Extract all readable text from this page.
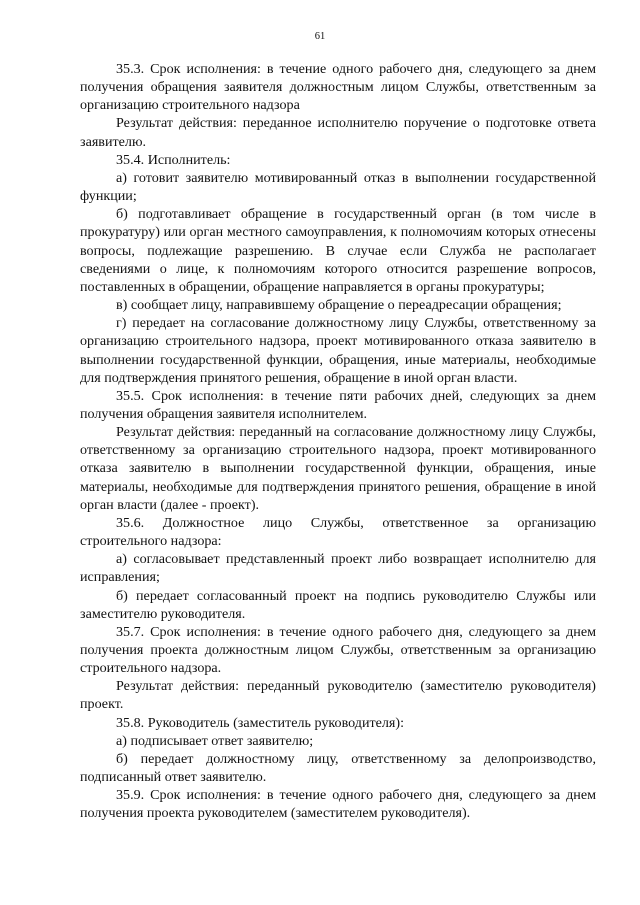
61

35.3. Срок исполнения: в течение одного рабочего дня, следующего за днем получения обращения заявителя должностным лицом Службы, ответственным за организацию строительного надзора

Результат действия: переданное исполнителю поручение о подготовке ответа заявителю.

35.4. Исполнитель:

а) готовит заявителю мотивированный отказ в выполнении государственной функции;

б) подготавливает обращение в государственный орган (в том числе в прокуратуру) или орган местного самоуправления, к полномочиям которых отнесены вопросы, подлежащие разрешению. В случае если Служба не располагает сведениями о лице, к полномочиям которого относится разрешение вопросов, поставленных в обращении, обращение направляется в органы прокуратуры;

в) сообщает лицу, направившему обращение о переадресации обращения;

г) передает на согласование должностному лицу Службы, ответственному за организацию строительного надзора, проект мотивированного отказа заявителю в выполнении государственной функции, обращения, иные материалы, необходимые для подтверждения принятого решения, обращение в иной орган власти.

35.5. Срок исполнения: в течение пяти рабочих дней, следующих за днем получения обращения заявителя исполнителем.

Результат действия: переданный на согласование должностному лицу Службы, ответственному за организацию строительного надзора, проект мотивированного отказа заявителю в выполнении государственной функции, обращения, иные материалы, необходимые для подтверждения принятого решения, обращение в иной орган власти (далее - проект).

35.6. Должностное лицо Службы, ответственное за организацию строительного надзора:

а) согласовывает представленный проект либо возвращает исполнителю для исправления;

б) передает согласованный проект на подпись руководителю Службы или заместителю руководителя.

35.7. Срок исполнения: в течение одного рабочего дня, следующего за днем получения проекта должностным лицом Службы, ответственным за организацию строительного надзора.

Результат действия: переданный руководителю (заместителю руководителя) проект.

35.8. Руководитель (заместитель руководителя):

а) подписывает ответ заявителю;

б) передает должностному лицу, ответственному за делопроизводство, подписанный ответ заявителю.

35.9. Срок исполнения: в течение одного рабочего дня, следующего за днем получения проекта руководителем (заместителем руководителя).
